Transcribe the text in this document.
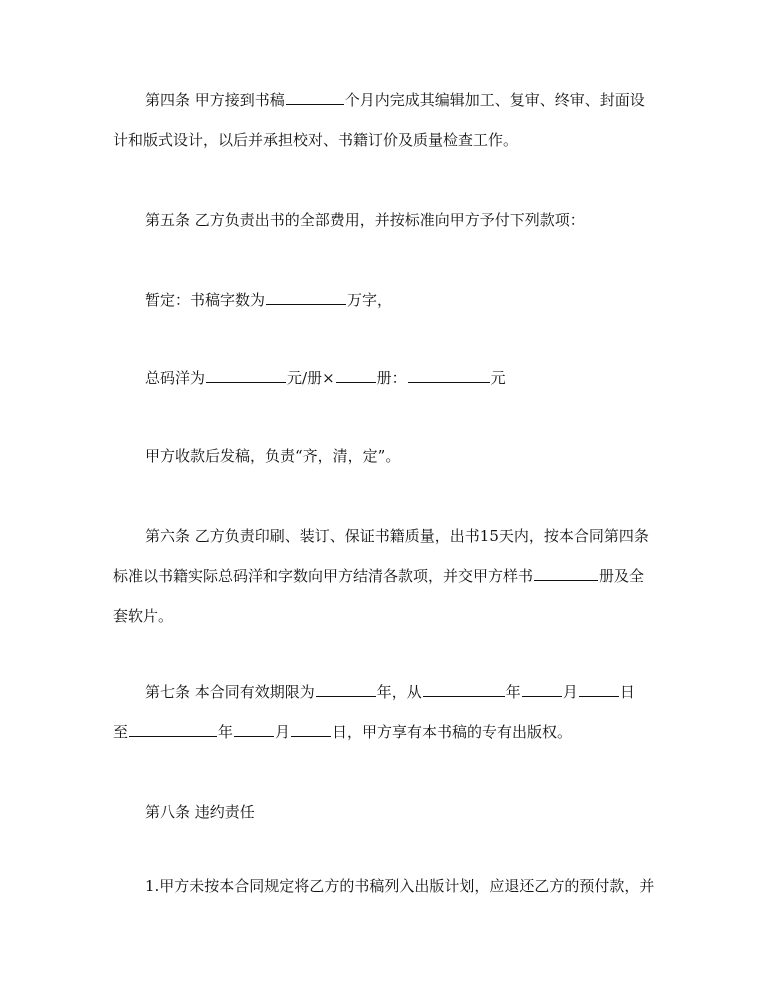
第四条 甲方接到书稿	个月内完成其编辑加工、复审、终审、封面设
计和版式设计，以后并承担校对、书籍订价及质量检查工作。
第五条 乙方负责出书的全部费用，并按标准向甲方予付下列款项：
暂定：书稿字数为	万字，
总码洋为	元/册×	册：	元
甲方收款后发稿，负责“齐，清，定”。
第六条 乙方负责印刷、装订、保证书籍质量，出书15天内，按本合同第四条
标准以书籍实际总码洋和字数向甲方结清各款项，并交甲方样书	册及全
套软片。
第七条 本合同有效期限为	年，从	年	月	日
至	年	月	日，甲方享有本书稿的专有出版权。
第八条 违约责任
1.甲方未按本合同规定将乙方的书稿列入出版计划，应退还乙方的预付款，并
